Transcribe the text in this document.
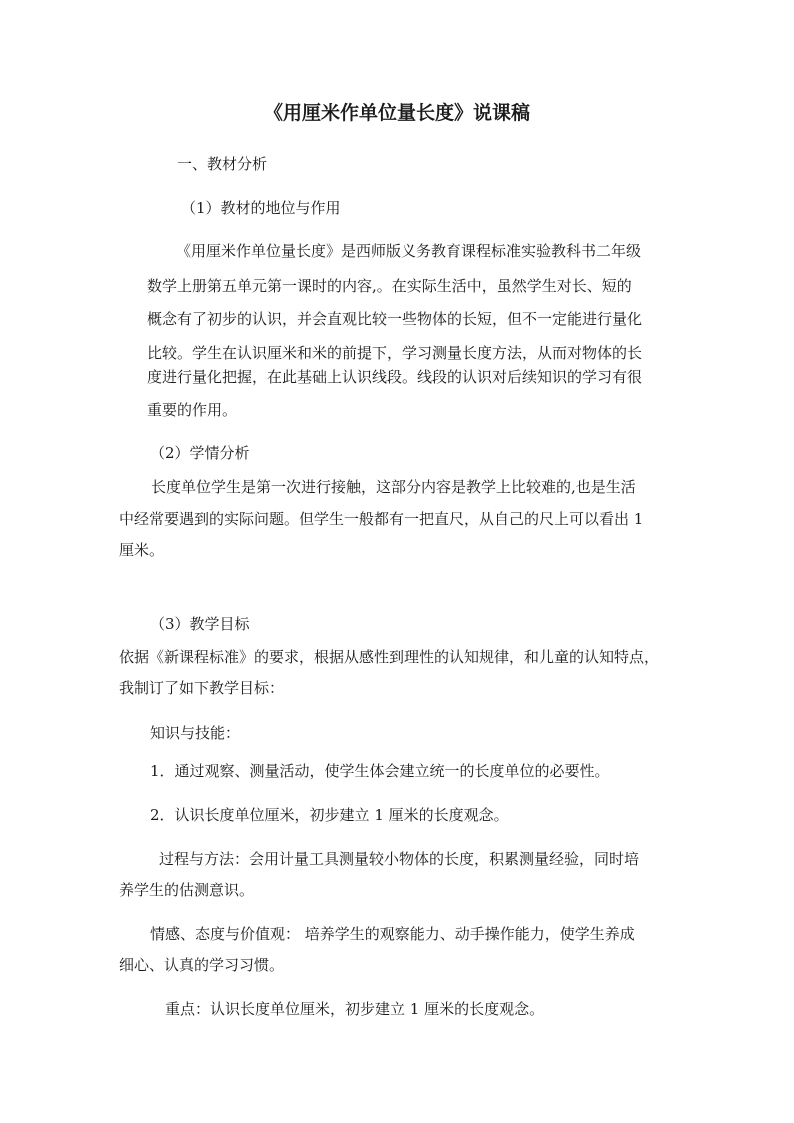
《用厘米作单位量长度》说课稿
一、教材分析
（1）教材的地位与作用
《用厘米作单位量长度》是西师版义务教育课程标准实验教科书二年级
数学上册第五单元第一课时的内容,。在实际生活中，虽然学生对长、短的
概念有了初步的认识，并会直观比较一些物体的长短，但不一定能进行量化
比较。学生在认识厘米和米的前提下，学习测量长度方法，从而对物体的长
度进行量化把握，在此基础上认识线段。线段的认识对后续知识的学习有很
重要的作用。
（2）学情分析
长度单位学生是第一次进行接触，这部分内容是教学上比较难的,也是生活
中经常要遇到的实际问题。但学生一般都有一把直尺，从自己的尺上可以看出 1
厘米。
（3）教学目标
依据《新课程标准》的要求，根据从感性到理性的认知规律，和儿童的认知特点，
我制订了如下教学目标：
知识与技能：
1．通过观察、测量活动，使学生体会建立统一的长度单位的必要性。
2．认识长度单位厘米，初步建立 1 厘米的长度观念。
过程与方法：会用计量工具测量较小物体的长度，积累测量经验，同时培
养学生的估测意识。
情感、态度与价值观： 培养学生的观察能力、动手操作能力，使学生养成
细心、认真的学习习惯。
重点：认识长度单位厘米，初步建立 1 厘米的长度观念。
